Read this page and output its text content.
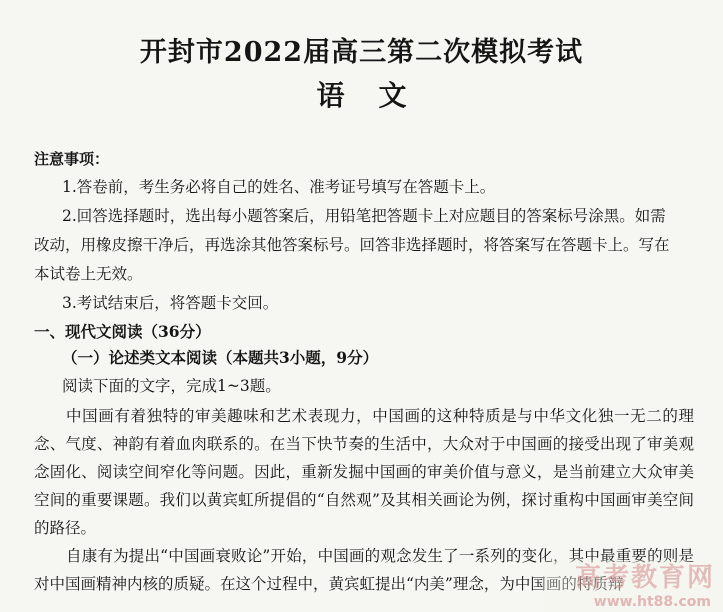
开封市2022届高三第二次模拟考试
语文
注意事项：
1.答卷前，考生务必将自己的姓名、准考证号填写在答题卡上。
2.回答选择题时，选出每小题答案后，用铅笔把答题卡上对应题目的答案标号涂黑。如需
改动，用橡皮擦干净后，再选涂其他答案标号。回答非选择题时，将答案写在答题卡上。写在
本试卷上无效。
3.考试结束后，将答题卡交回。
一、现代文阅读（36分）
（一）论述类文本阅读（本题共3小题，9分）
阅读下面的文字，完成1~3题。
中国画有着独特的审美趣味和艺术表现力，中国画的这种特质是与中华文化独一无二的理念、气度、神韵有着血肉联系的。在当下快节奏的生活中，大众对于中国画的接受出现了审美观念固化、阅读空间窄化等问题。因此，重新发掘中国画的审美价值与意义，是当前建立大众审美空间的重要课题。我们以黄宾虹所提倡的“自然观”及其相关画论为例，探讨重构中国画审美空间的路径。
自康有为提出“中国画衰败论”开始，中国画的观念发生了一系列的变化，其中最重要的则是对中国画精神内核的质疑。在这个过程中，黄宾虹提出“内美”理念，为中国画的特质辩
高考教育网
www.ht88.com
